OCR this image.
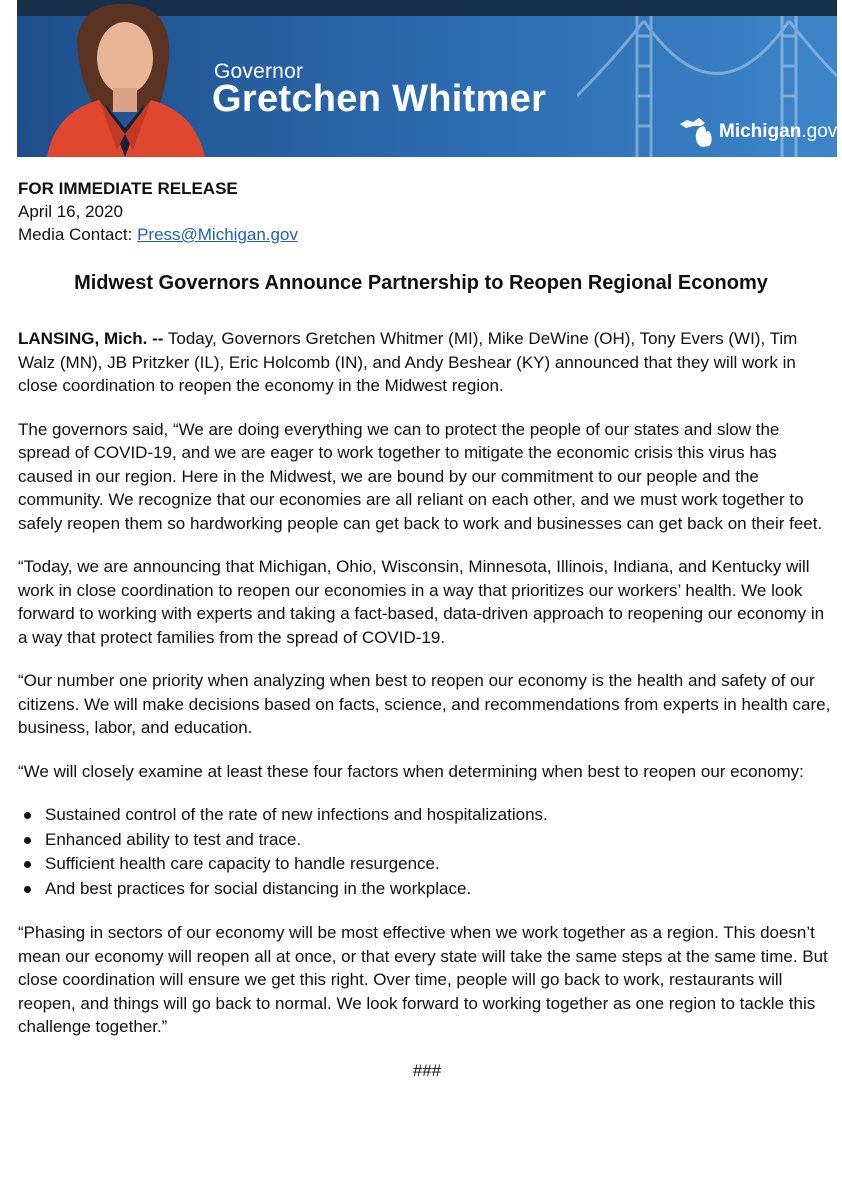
Governor
Gretchen Whitmer
Michigan.gov
FOR IMMEDIATE RELEASE
April 16, 2020
Media Contact: Press@Michigan.gov
Midwest Governors Announce Partnership to Reopen Regional Economy

LANSING, Mich. -- Today, Governors Gretchen Whitmer (MI), Mike DeWine (OH), Tony Evers (WI), Tim Walz (MN), JB Pritzker (IL), Eric Holcomb (IN), and Andy Beshear (KY) announced that they will work in close coordination to reopen the economy in the Midwest region.

The governors said, “We are doing everything we can to protect the people of our states and slow the spread of COVID-19, and we are eager to work together to mitigate the economic crisis this virus has caused in our region. Here in the Midwest, we are bound by our commitment to our people and the community. We recognize that our economies are all reliant on each other, and we must work together to safely reopen them so hardworking people can get back to work and businesses can get back on their feet.

“Today, we are announcing that Michigan, Ohio, Wisconsin, Minnesota, Illinois, Indiana, and Kentucky will work in close coordination to reopen our economies in a way that prioritizes our workers’ health. We look forward to working with experts and taking a fact-based, data-driven approach to reopening our economy in a way that protect families from the spread of COVID-19.

“Our number one priority when analyzing when best to reopen our economy is the health and safety of our citizens. We will make decisions based on facts, science, and recommendations from experts in health care, business, labor, and education.

“We will closely examine at least these four factors when determining when best to reopen our economy:

Sustained control of the rate of new infections and hospitalizations.
Enhanced ability to test and trace.
Sufficient health care capacity to handle resurgence.
And best practices for social distancing in the workplace.

“Phasing in sectors of our economy will be most effective when we work together as a region. This doesn’t mean our economy will reopen all at once, or that every state will take the same steps at the same time. But close coordination will ensure we get this right. Over time, people will go back to work, restaurants will reopen, and things will go back to normal. We look forward to working together as one region to tackle this challenge together.”

###
